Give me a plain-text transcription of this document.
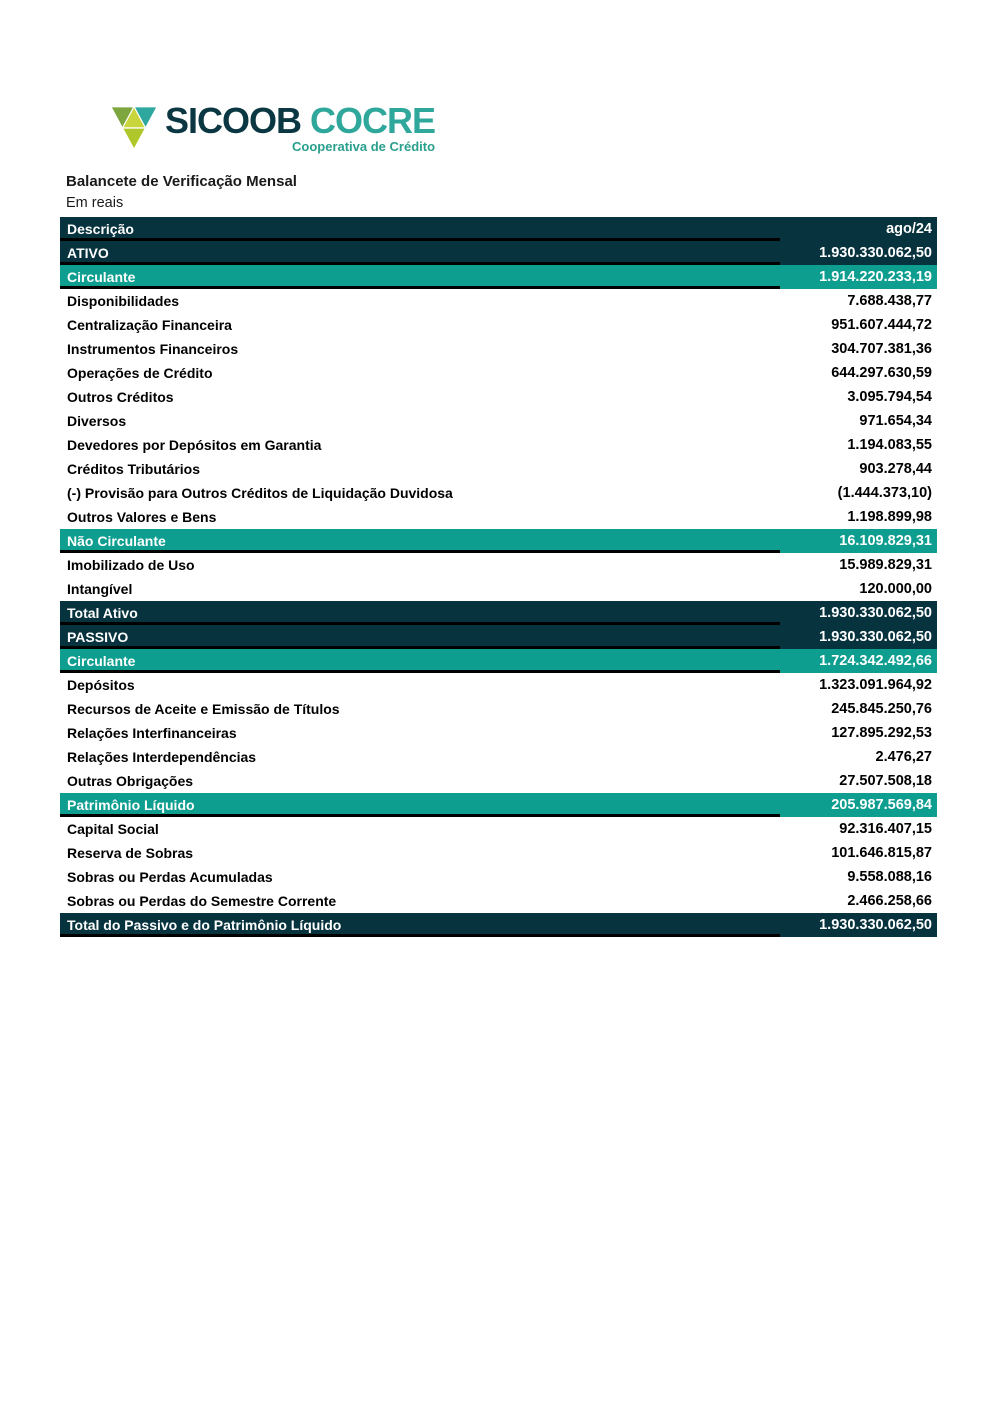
SICOOB COCRE
Cooperativa de Crédito
Balancete de Verificação Mensal
Em reais
Descrição	ago/24
ATIVO	1.930.330.062,50
Circulante	1.914.220.233,19
Disponibilidades	7.688.438,77
Centralização Financeira	951.607.444,72
Instrumentos Financeiros	304.707.381,36
Operações de Crédito	644.297.630,59
Outros Créditos	3.095.794,54
Diversos	971.654,34
Devedores por Depósitos em Garantia	1.194.083,55
Créditos Tributários	903.278,44
(-) Provisão para Outros Créditos de Liquidação Duvidosa	(1.444.373,10)
Outros Valores e Bens	1.198.899,98
Não Circulante	16.109.829,31
Imobilizado de Uso	15.989.829,31
Intangível	120.000,00
Total Ativo	1.930.330.062,50
PASSIVO	1.930.330.062,50
Circulante	1.724.342.492,66
Depósitos	1.323.091.964,92
Recursos de Aceite e Emissão de Títulos	245.845.250,76
Relações Interfinanceiras	127.895.292,53
Relações Interdependências	2.476,27
Outras Obrigações	27.507.508,18
Patrimônio Líquido	205.987.569,84
Capital Social	92.316.407,15
Reserva de Sobras	101.646.815,87
Sobras ou Perdas Acumuladas	9.558.088,16
Sobras ou Perdas do Semestre Corrente	2.466.258,66
Total do Passivo e do Patrimônio Líquido	1.930.330.062,50
